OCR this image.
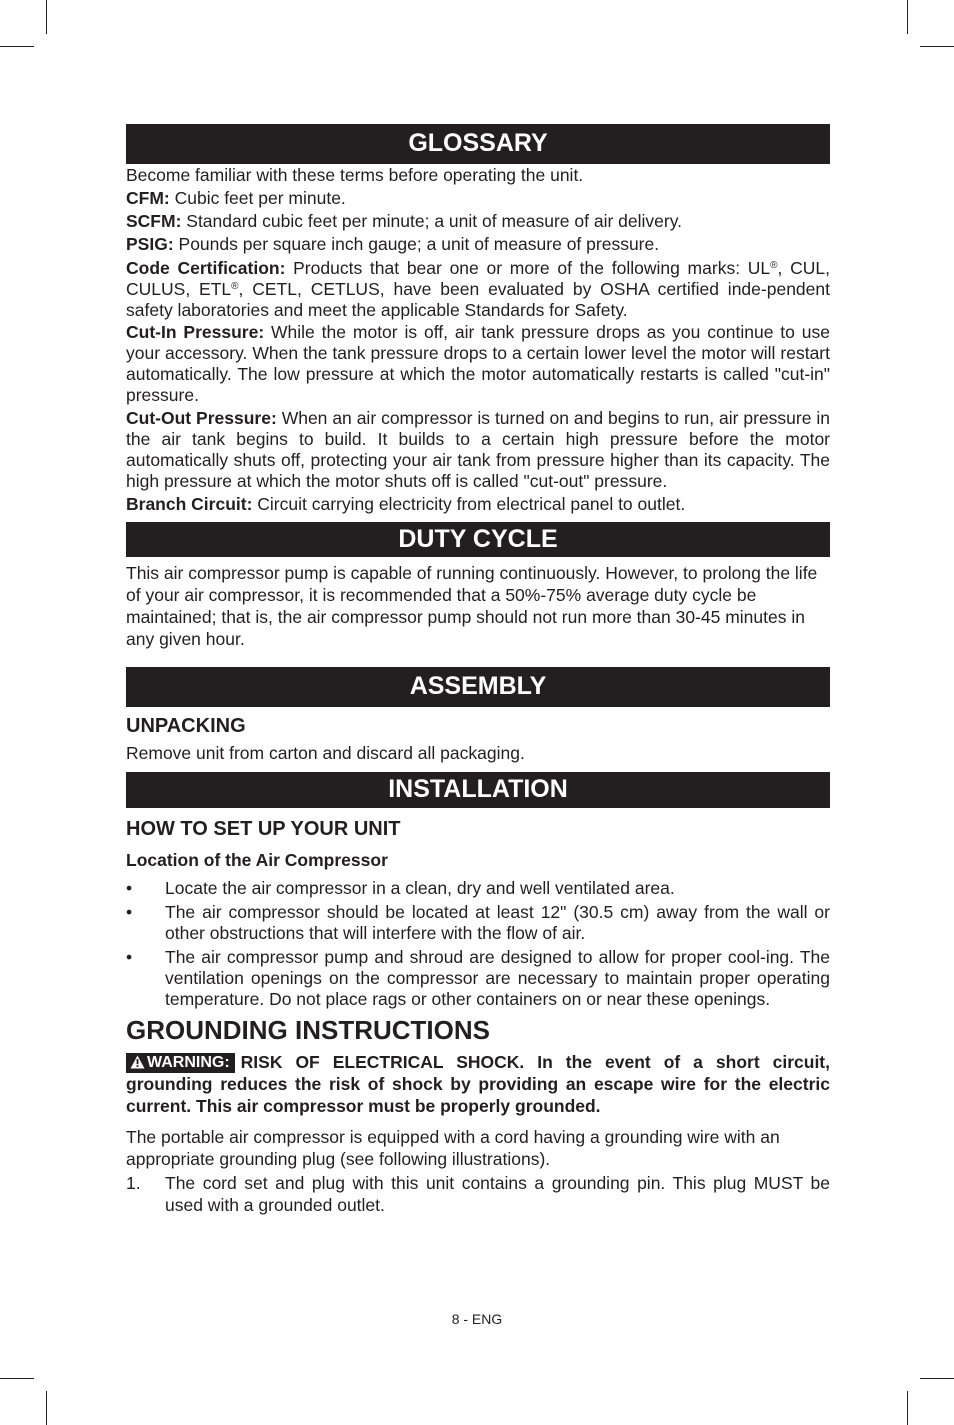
GLOSSARY

Become familiar with these terms before operating the unit.

CFM: Cubic feet per minute.

SCFM: Standard cubic feet per minute; a unit of measure of air delivery.

PSIG: Pounds per square inch gauge; a unit of measure of pressure.

Code Certification: Products that bear one or more of the following marks: UL®, CUL, CULUS, ETL®, CETL, CETLUS, have been evaluated by OSHA certified inde-pendent safety laboratories and meet the applicable Standards for Safety.

Cut-In Pressure: While the motor is off, air tank pressure drops as you continue to use your accessory. When the tank pressure drops to a certain lower level the motor will restart automatically. The low pressure at which the motor automatically restarts is called "cut-in" pressure.

Cut-Out Pressure: When an air compressor is turned on and begins to run, air pressure in the air tank begins to build. It builds to a certain high pressure before the motor automatically shuts off, protecting your air tank from pressure higher than its capacity. The high pressure at which the motor shuts off is called "cut-out" pressure.

Branch Circuit: Circuit carrying electricity from electrical panel to outlet.

DUTY CYCLE

This air compressor pump is capable of running continuously. However, to prolong the life of your air compressor, it is recommended that a 50%-75% average duty cycle be maintained; that is, the air compressor pump should not run more than 30-45 minutes in any given hour.

ASSEMBLY

UNPACKING

Remove unit from carton and discard all packaging.

INSTALLATION

HOW TO SET UP YOUR UNIT

Location of the Air Compressor

• Locate the air compressor in a clean, dry and well ventilated area.
• The air compressor should be located at least 12" (30.5 cm) away from the wall or other obstructions that will interfere with the flow of air.
• The air compressor pump and shroud are designed to allow for proper cool-ing. The ventilation openings on the compressor are necessary to maintain proper operating temperature. Do not place rags or other containers on or near these openings.

GROUNDING INSTRUCTIONS

WARNING: RISK OF ELECTRICAL SHOCK. In the event of a short circuit, grounding reduces the risk of shock by providing an escape wire for the electric current. This air compressor must be properly grounded.

The portable air compressor is equipped with a cord having a grounding wire with an appropriate grounding plug (see following illustrations).

1. The cord set and plug with this unit contains a grounding pin. This plug MUST be used with a grounded outlet.
8 - ENG
